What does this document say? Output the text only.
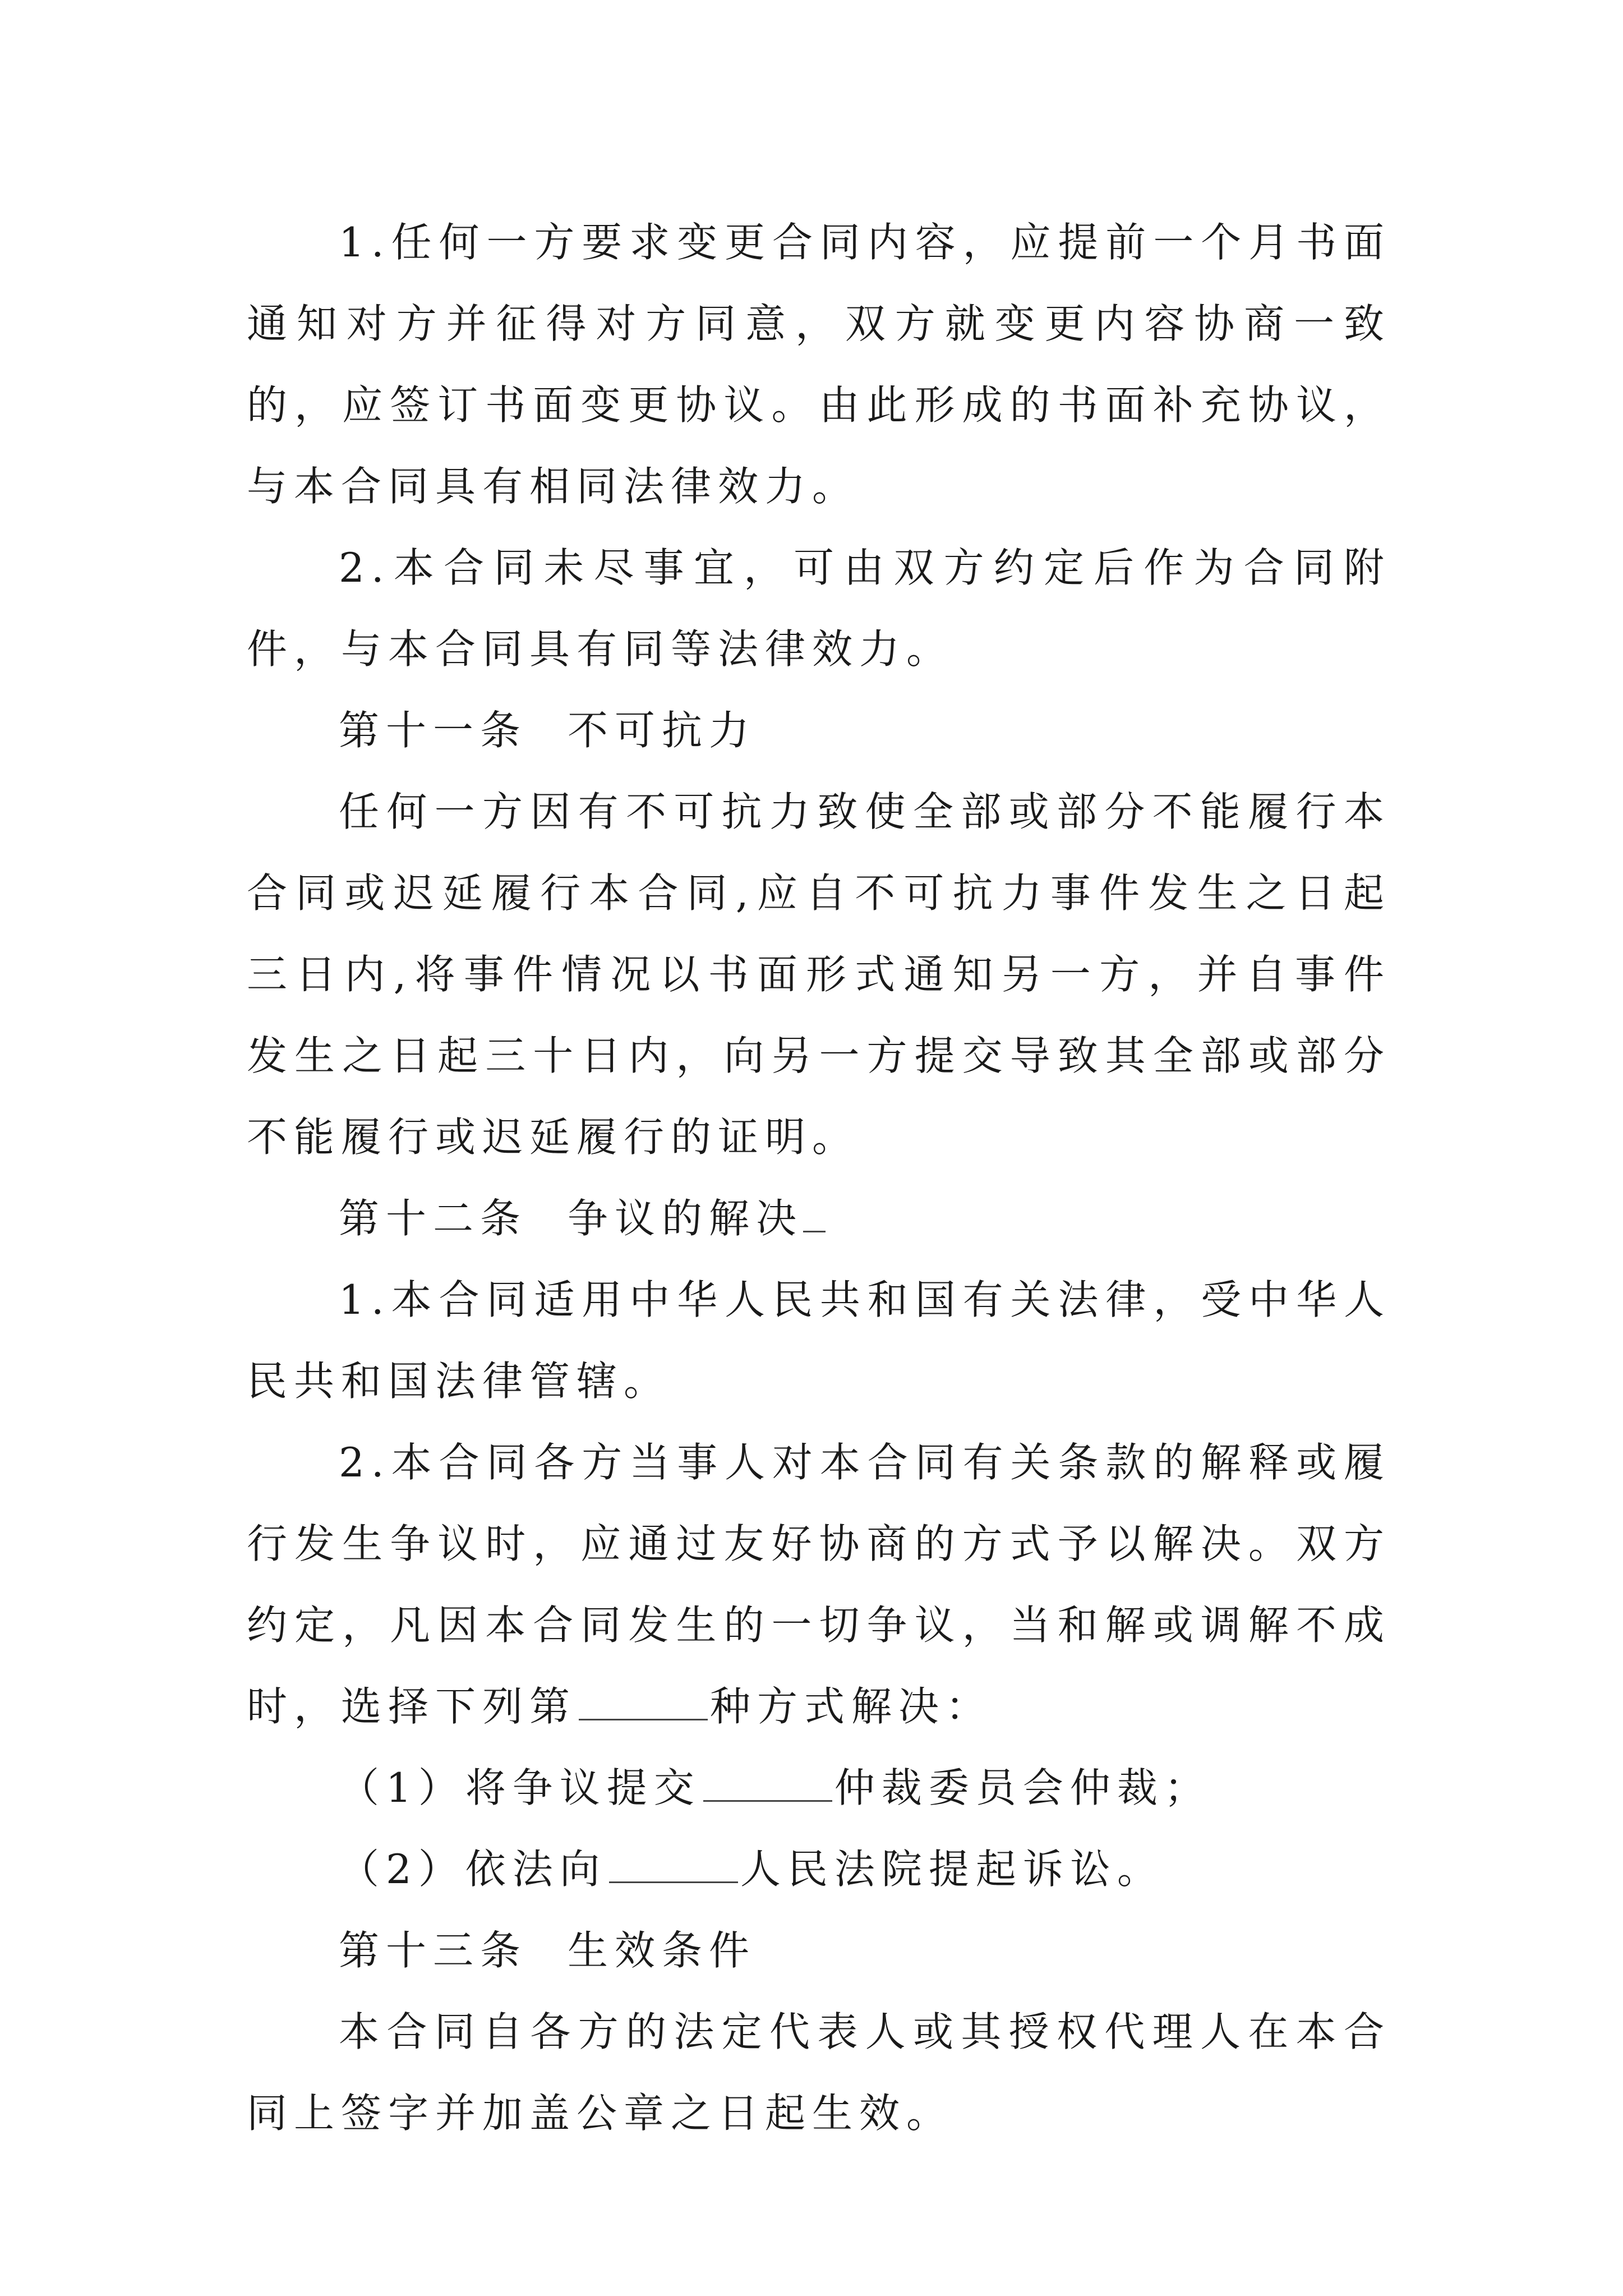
1.任何一方要求变更合同内容，应提前一个月书面通知对方并征得对方同意，双方就变更内容协商一致的，应签订书面变更协议。由此形成的书面补充协议，与本合同具有相同法律效力。

2.本合同未尽事宜，可由双方约定后作为合同附件，与本合同具有同等法律效力。

第十一条 不可抗力

任何一方因有不可抗力致使全部或部分不能履行本合同或迟延履行本合同,应自不可抗力事件发生之日起三日内,将事件情况以书面形式通知另一方，并自事件发生之日起三十日内，向另一方提交导致其全部或部分不能履行或迟延履行的证明。

第十二条 争议的解决

1.本合同适用中华人民共和国有关法律，受中华人民共和国法律管辖。

2.本合同各方当事人对本合同有关条款的解释或履行发生争议时，应通过友好协商的方式予以解决。双方约定，凡因本合同发生的一切争议，当和解或调解不成时，选择下列第	种方式解决：

（1）将争议提交	仲裁委员会仲裁；

（2）依法向	人民法院提起诉讼。

第十三条 生效条件

本合同自各方的法定代表人或其授权代理人在本合同上签字并加盖公章之日起生效。
